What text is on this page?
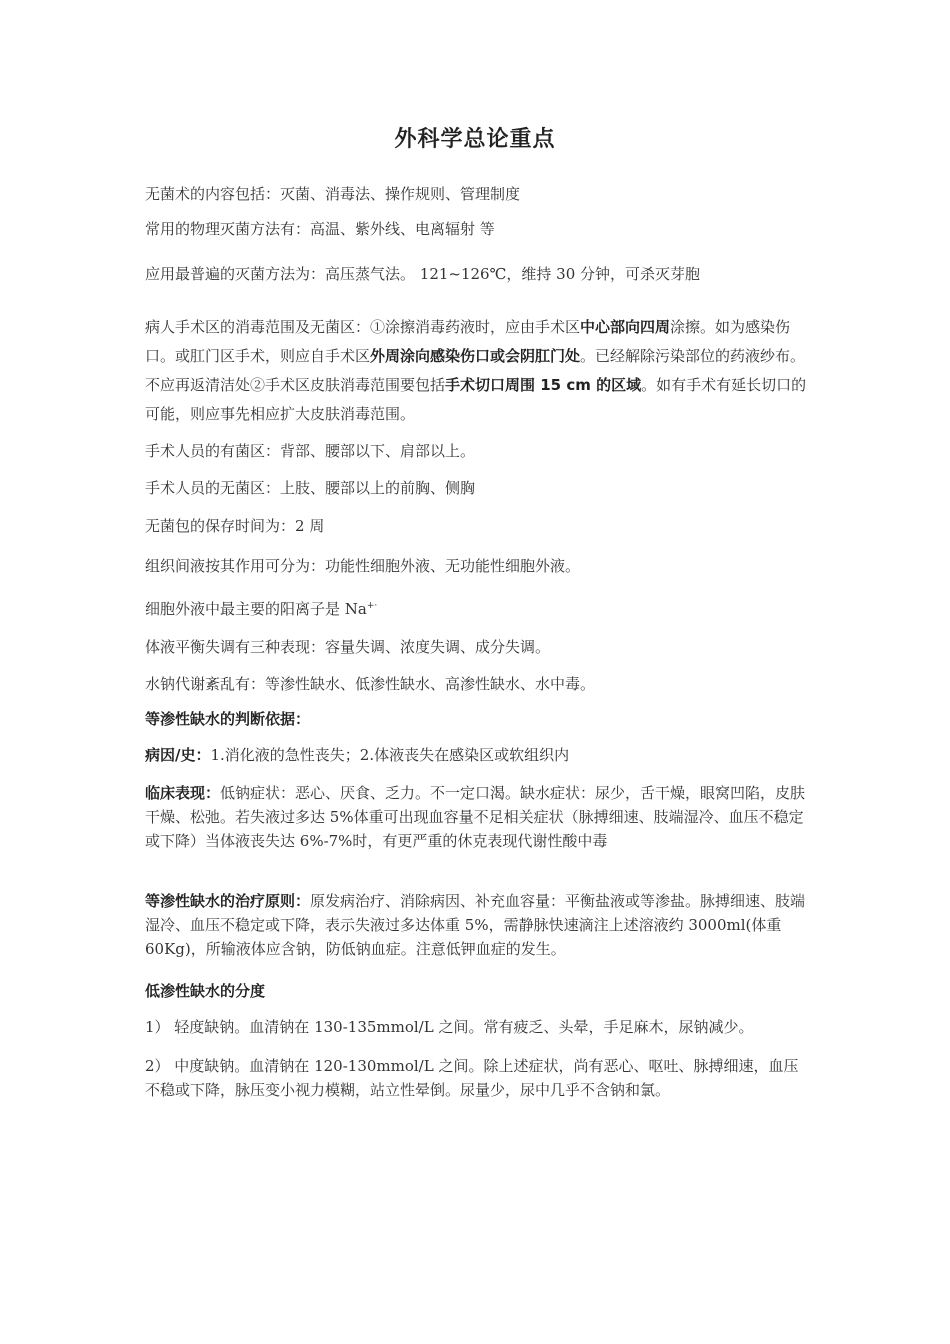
外科学总论重点
无菌术的内容包括：灭菌、消毒法、操作规则、管理制度
常用的物理灭菌方法有：高温、紫外线、电离辐射 等
应用最普遍的灭菌方法为：高压蒸气法。 121~126℃，维持 30 分钟，可杀灭芽胞
病人手术区的消毒范围及无菌区：①涂擦消毒药液时，应由手术区中心部向四周涂擦。如为感染伤口。或肛门区手术，则应自手术区外周涂向感染伤口或会阴肛门处。已经解除污染部位的药液纱布。不应再返清洁处②手术区皮肤消毒范围要包括手术切口周围 15 cm 的区域。如有手术有延长切口的可能，则应事先相应扩大皮肤消毒范围。
手术人员的有菌区：背部、腰部以下、肩部以上。
手术人员的无菌区：上肢、腰部以上的前胸、侧胸
无菌包的保存时间为：2 周
组织间液按其作用可分为：功能性细胞外液、无功能性细胞外液。
细胞外液中最主要的阳离子是 Na+·
体液平衡失调有三种表现：容量失调、浓度失调、成分失调。
水钠代谢紊乱有：等渗性缺水、低渗性缺水、高渗性缺水、水中毒。
等渗性缺水的判断依据：
病因/史：1.消化液的急性丧失；2.体液丧失在感染区或软组织内
临床表现：低钠症状：恶心、厌食、乏力。不一定口渴。缺水症状：尿少，舌干燥，眼窝凹陷，皮肤干燥、松弛。若失液过多达 5%体重可出现血容量不足相关症状（脉搏细速、肢端湿冷、血压不稳定或下降）当体液丧失达 6%-7%时，有更严重的休克表现代谢性酸中毒
等渗性缺水的治疗原则：原发病治疗、消除病因、补充血容量：平衡盐液或等渗盐。脉搏细速、肢端湿冷、血压不稳定或下降，表示失液过多达体重 5%，需静脉快速滴注上述溶液约 3000ml(体重 60Kg)，所输液体应含钠，防低钠血症。注意低钾血症的发生。
低渗性缺水的分度
1） 轻度缺钠。血清钠在 130-135mmol/L 之间。常有疲乏、头晕，手足麻木，尿钠减少。
2） 中度缺钠。血清钠在 120-130mmol/L 之间。除上述症状，尚有恶心、呕吐、脉搏细速，血压不稳或下降，脉压变小视力模糊，站立性晕倒。尿量少，尿中几乎不含钠和氯。
